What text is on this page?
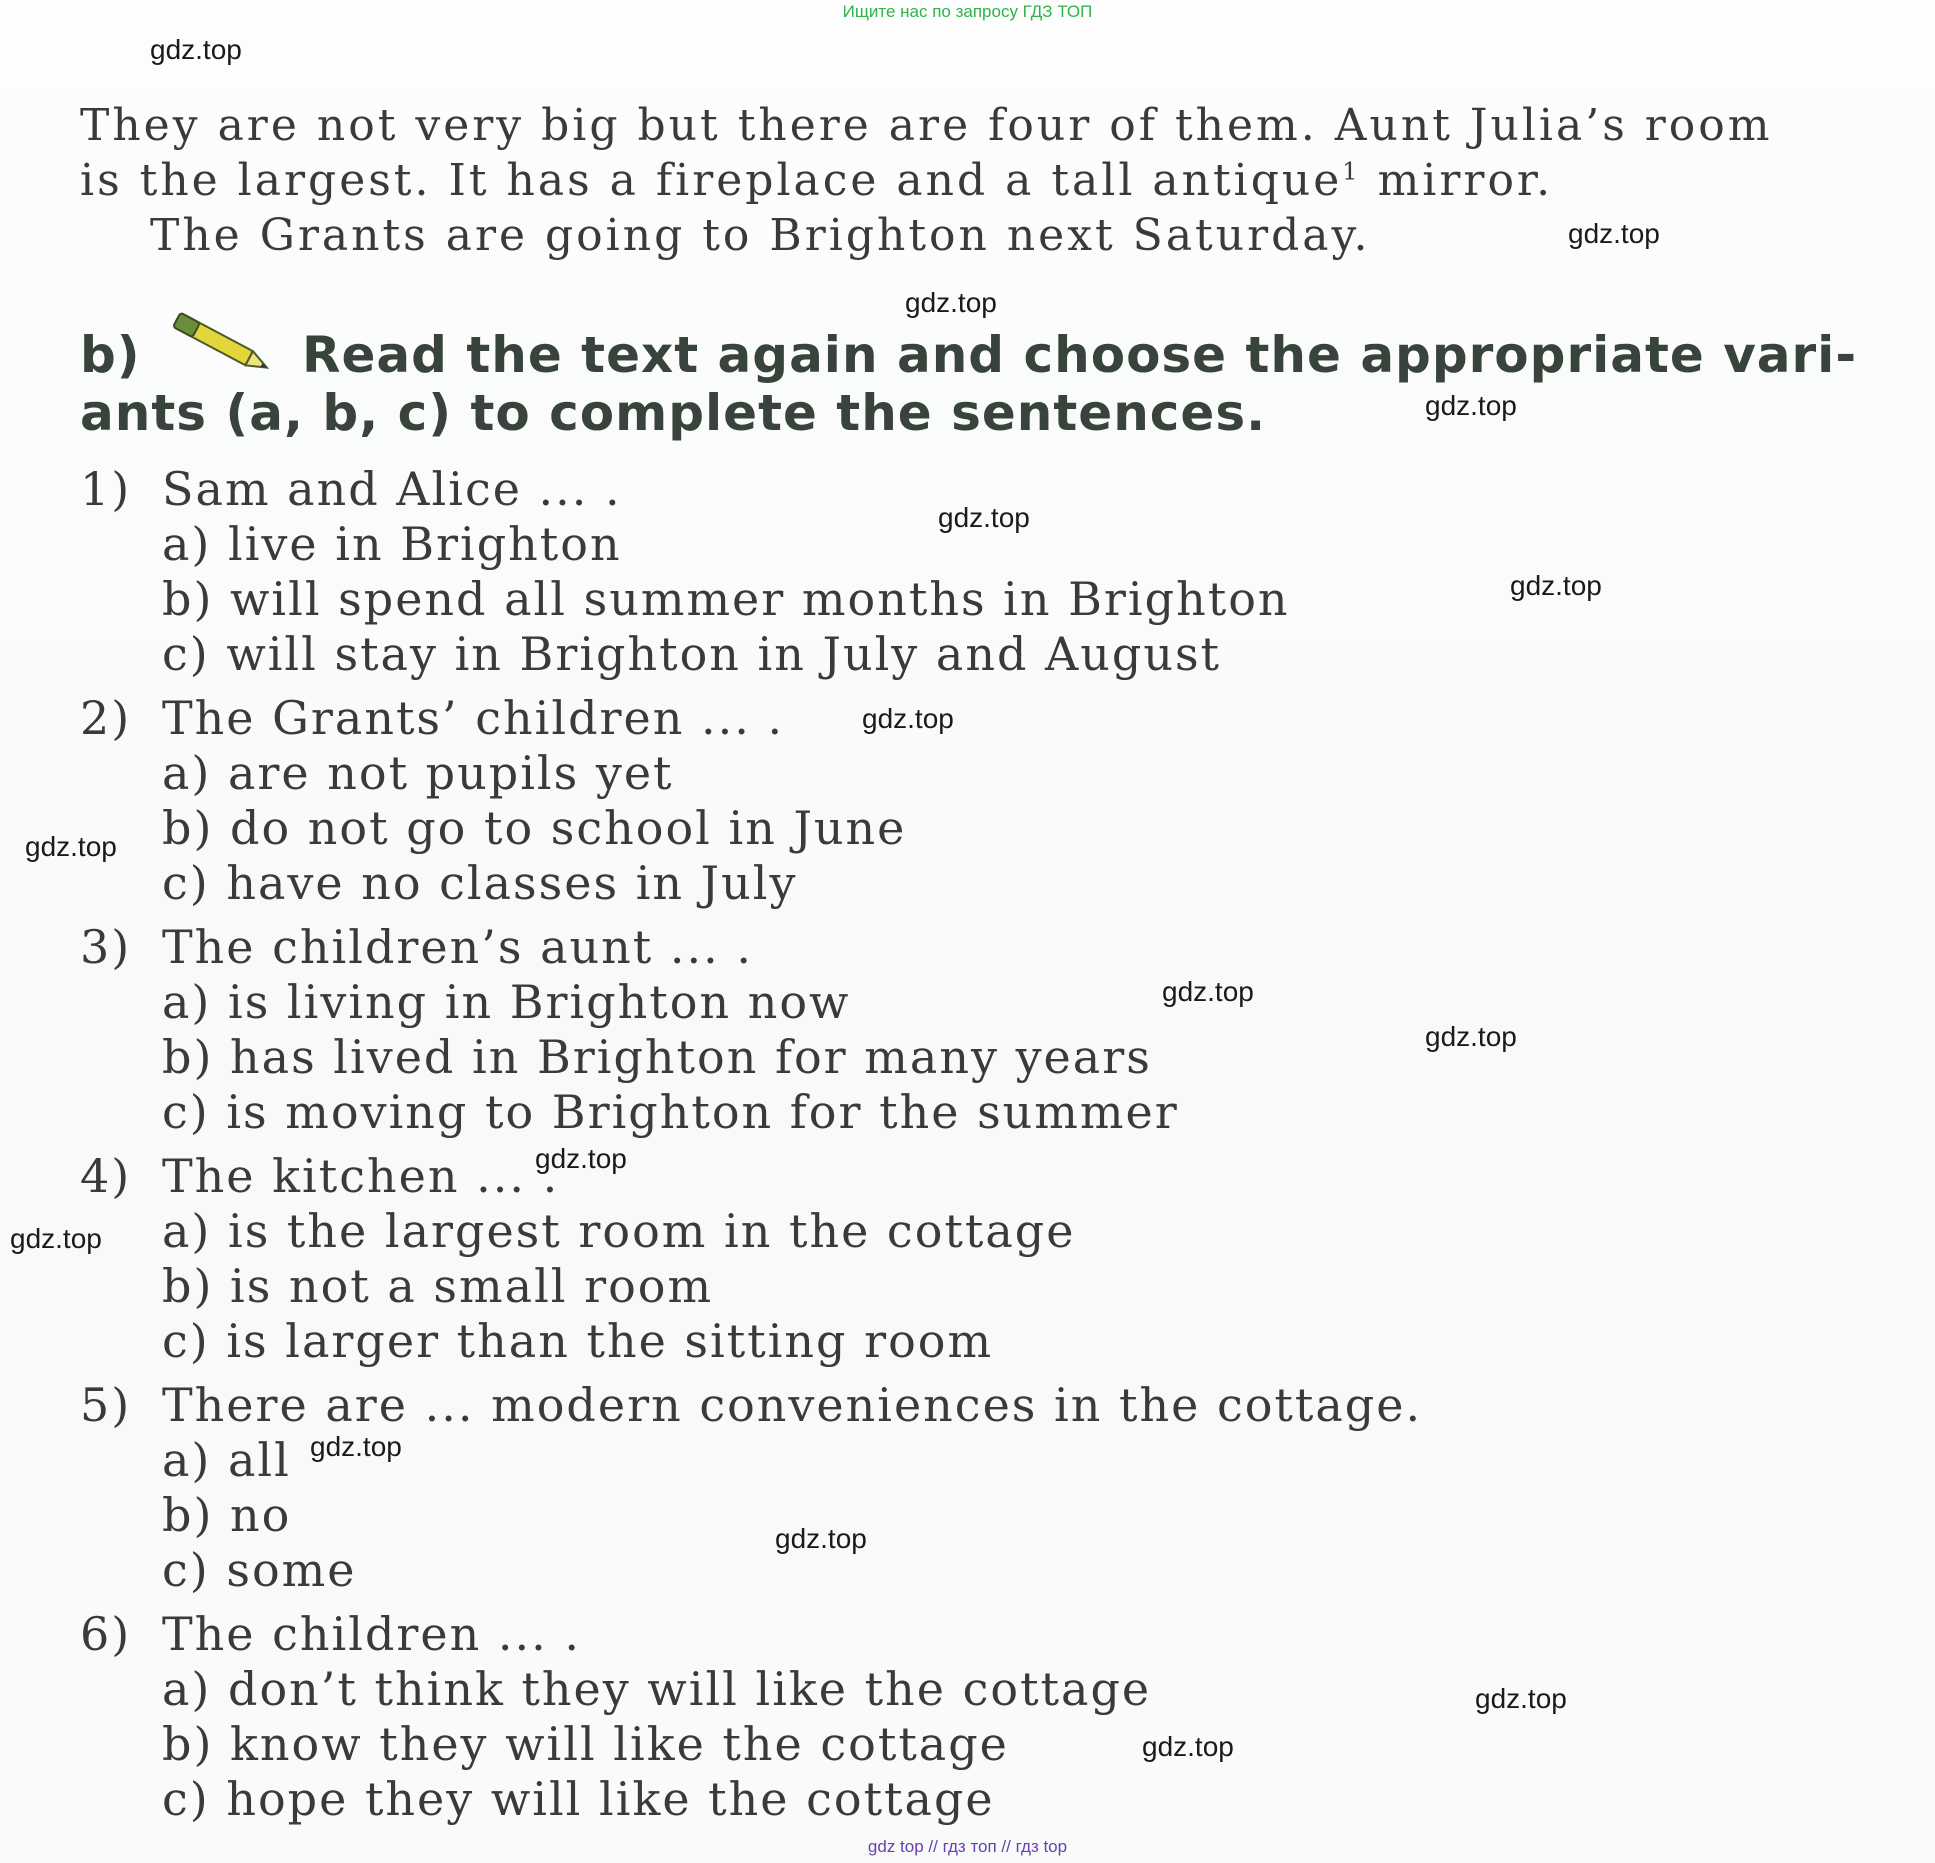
Ищите нас по запросу ГДЗ ТОП
They are not very big but there are four of them. Aunt Julia’s room
is the largest. It has a fireplace and a tall antique$^1$ mirror.
The Grants are going to Brighton next Saturday.
b)	Read the text again and choose the appropriate vari-
ants (a, b, c) to complete the sentences.
1) Sam and Alice ... .
a) live in Brighton
b) will spend all summer months in Brighton
c) will stay in Brighton in July and August
2) The Grants’ children ... .
a) are not pupils yet
b) do not go to school in June
c) have no classes in July
3) The children’s aunt ... .
a) is living in Brighton now
b) has lived in Brighton for many years
c) is moving to Brighton for the summer
4) The kitchen ... .
a) is the largest room in the cottage
b) is not a small room
c) is larger than the sitting room
5) There are ... modern conveniences in the cottage.
a) all
b) no
c) some
6) The children ... .
a) don’t think they will like the cottage
b) know they will like the cottage
c) hope they will like the cottage
gdz.top
gdz.top
gdz.top
gdz.top
gdz.top
gdz.top
gdz.top
gdz.top
gdz.top
gdz.top
gdz.top
gdz.top
gdz.top
gdz.top
gdz.top
gdz.top
gdz top // гдз топ // гдз top
